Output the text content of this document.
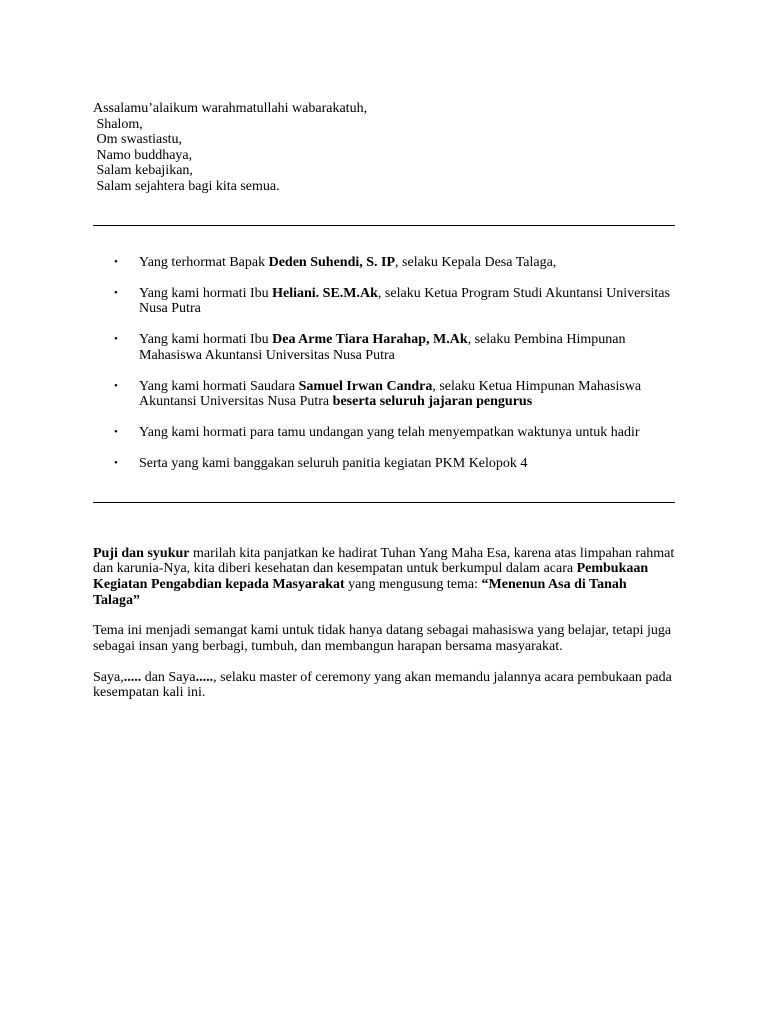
Assalamu’alaikum warahmatullahi wabarakatuh,
Shalom,
Om swastiastu,
Namo buddhaya,
Salam kebajikan,
Salam sejahtera bagi kita semua.
• Yang terhormat Bapak Deden Suhendi, S. IP, selaku Kepala Desa Talaga,
• Yang kami hormati Ibu Heliani. SE.M.Ak, selaku Ketua Program Studi Akuntansi Universitas Nusa Putra
• Yang kami hormati Ibu Dea Arme Tiara Harahap, M.Ak, selaku Pembina Himpunan Mahasiswa Akuntansi Universitas Nusa Putra
• Yang kami hormati Saudara Samuel Irwan Candra, selaku Ketua Himpunan Mahasiswa Akuntansi Universitas Nusa Putra beserta seluruh jajaran pengurus
• Yang kami hormati para tamu undangan yang telah menyempatkan waktunya untuk hadir
• Serta yang kami banggakan seluruh panitia kegiatan PKM Kelopok 4

Puji dan syukur marilah kita panjatkan ke hadirat Tuhan Yang Maha Esa, karena atas limpahan rahmat dan karunia-Nya, kita diberi kesehatan dan kesempatan untuk berkumpul dalam acara Pembukaan Kegiatan Pengabdian kepada Masyarakat yang mengusung tema: “Menenun Asa di Tanah Talaga”

Tema ini menjadi semangat kami untuk tidak hanya datang sebagai mahasiswa yang belajar, tetapi juga sebagai insan yang berbagi, tumbuh, dan membangun harapan bersama masyarakat.

Saya,..... dan Saya....., selaku master of ceremony yang akan memandu jalannya acara pembukaan pada kesempatan kali ini.
